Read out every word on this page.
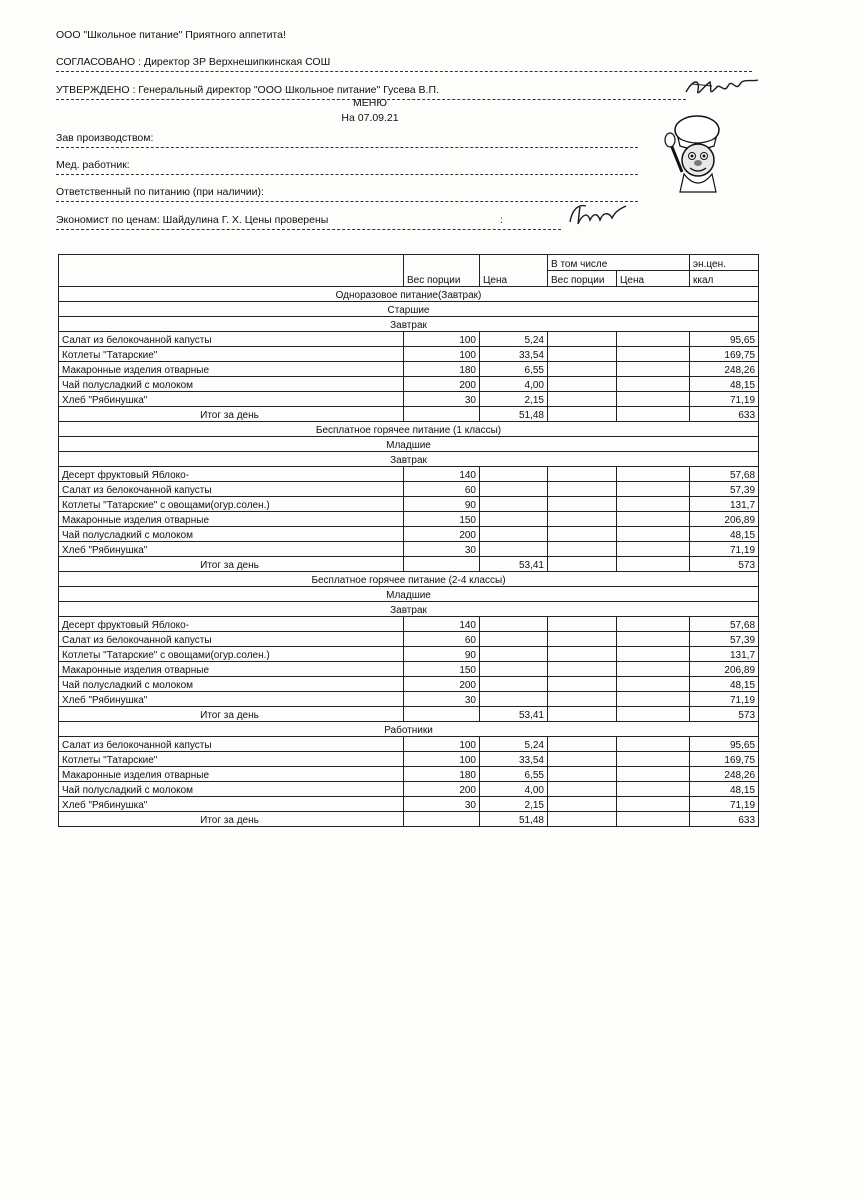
ООО "Школьное питание" Приятного аппетита!
СОГЛАСОВАНО : Директор ЗР Верхнешипкинская СОШ
УТВЕРЖДЕНО : Генеральный директор "ООО Школьное питание" Гусева В.П.
МЕНЮ
На 07.09.21
Зав производством:
Мед. работник:
Ответственный по питанию (при наличии):
Экономист по ценам: Шайдулина Г. Х. Цены проверены	:
	Вес порции	Цена	В том числе		эн.цен.
			Вес порции	Цена	ккал
Одноразовое питание(Завтрак)					
Старшие					
Завтрак					
Салат из белокочанной капусты	100	5,24			95,65
Котлеты "Татарские"	100	33,54			169,75
Макаронные изделия отварные	180	6,55			248,26
Чай полусладкий с молоком	200	4,00			48,15
Хлеб "Рябинушка"	30	2,15			71,19
Итог за день		51,48			633
Бесплатное горячее питание (1 классы)					
Младшие					
Завтрак					
Десерт фруктовый Яблоко-	140				57,68
Салат из белокочанной капусты	60				57,39
Котлеты "Татарские" с овощами(огур.солен.)	90				131,7
Макаронные изделия отварные	150				206,89
Чай полусладкий с молоком	200				48,15
Хлеб "Рябинушка"	30				71,19
Итог за день		53,41			573
Бесплатное горячее питание (2-4 классы)					
Младшие					
Завтрак					
Десерт фруктовый Яблоко-	140				57,68
Салат из белокочанной капусты	60				57,39
Котлеты "Татарские" с овощами(огур.солен.)	90				131,7
Макаронные изделия отварные	150				206,89
Чай полусладкий с молоком	200				48,15
Хлеб "Рябинушка"	30				71,19
Итог за день		53,41			573
Работники					
Салат из белокочанной капусты	100	5,24			95,65
Котлеты "Татарские"	100	33,54			169,75
Макаронные изделия отварные	180	6,55			248,26
Чай полусладкий с молоком	200	4,00			48,15
Хлеб "Рябинушка"	30	2,15			71,19
Итог за день		51,48			633
